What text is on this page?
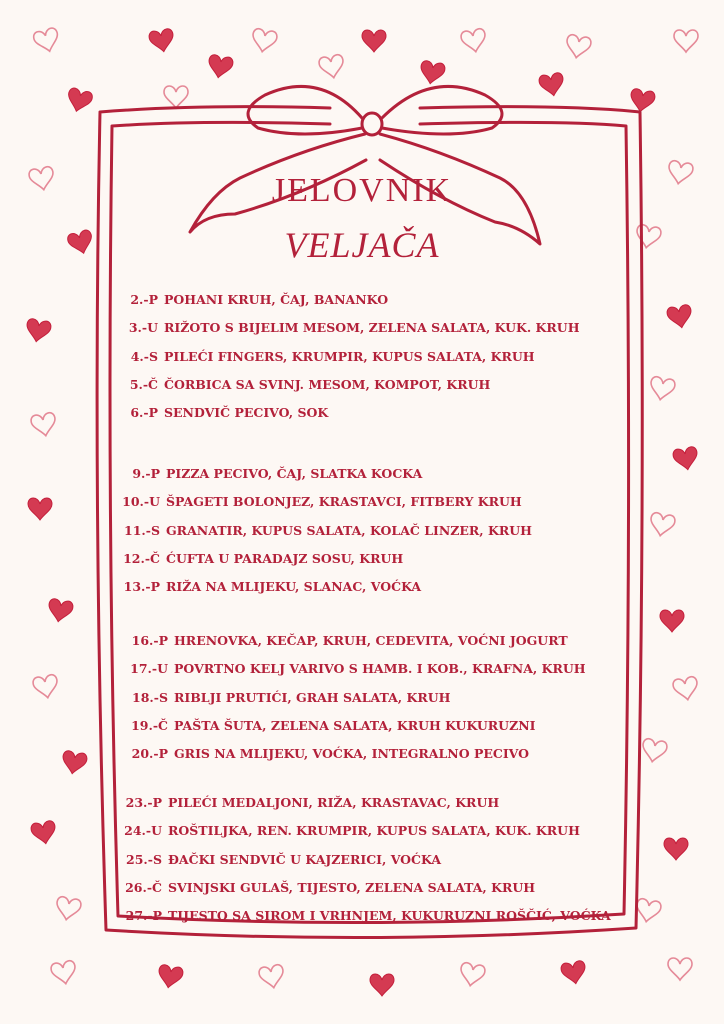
JELOVNIK
VELJAČA
2.-P POHANI KRUH, ČAJ, BANANKO
3.-U RIŽOTO S BIJELIM MESOM, ZELENA SALATA, KUK. KRUH
4.-S PILEĆI FINGERS, KRUMPIR, KUPUS SALATA, KRUH
5.-Č ČORBICA SA SVINJ. MESOM, KOMPOT, KRUH
6.-P SENDVIČ PECIVO, SOK
9.-P PIZZA PECIVO, ČAJ, SLATKA KOCKA
10.-U ŠPAGETI BOLONJEZ, KRASTAVCI, FITBERY KRUH
11.-S GRANATIR, KUPUS SALATA, KOLAČ LINZER, KRUH
12.-Č ĆUFTA U PARADAJZ SOSU, KRUH
13.-P RIŽA NA MLIJEKU, SLANAC, VOĆKA
16.-P HRENOVKA, KEČAP, KRUH, CEDEVITA, VOĆNI JOGURT
17.-U POVRTNO KELJ VARIVO S HAMB. I KOB., KRAFNA, KRUH
18.-S RIBLJI PRUTIĆI, GRAH SALATA, KRUH
19.-Č PAŠTA ŠUTA, ZELENA SALATA, KRUH KUKURUZNI
20.-P GRIS NA MLIJEKU, VOĆKA, INTEGRALNO PECIVO
23.-P PILEĆI MEDALJONI, RIŽA, KRASTAVAC, KRUH
24.-U ROŠTILJKA, REN. KRUMPIR, KUPUS SALATA, KUK. KRUH
25.-S ĐAČKI SENDVIČ U KAJZERICI, VOĆKA
26.-Č SVINJSKI GULAŠ, TIJESTO, ZELENA SALATA, KRUH
27.-P TIJESTO SA SIROM I VRHNJEM, KUKURUZNI ROŠČIĆ, VOĆKA
